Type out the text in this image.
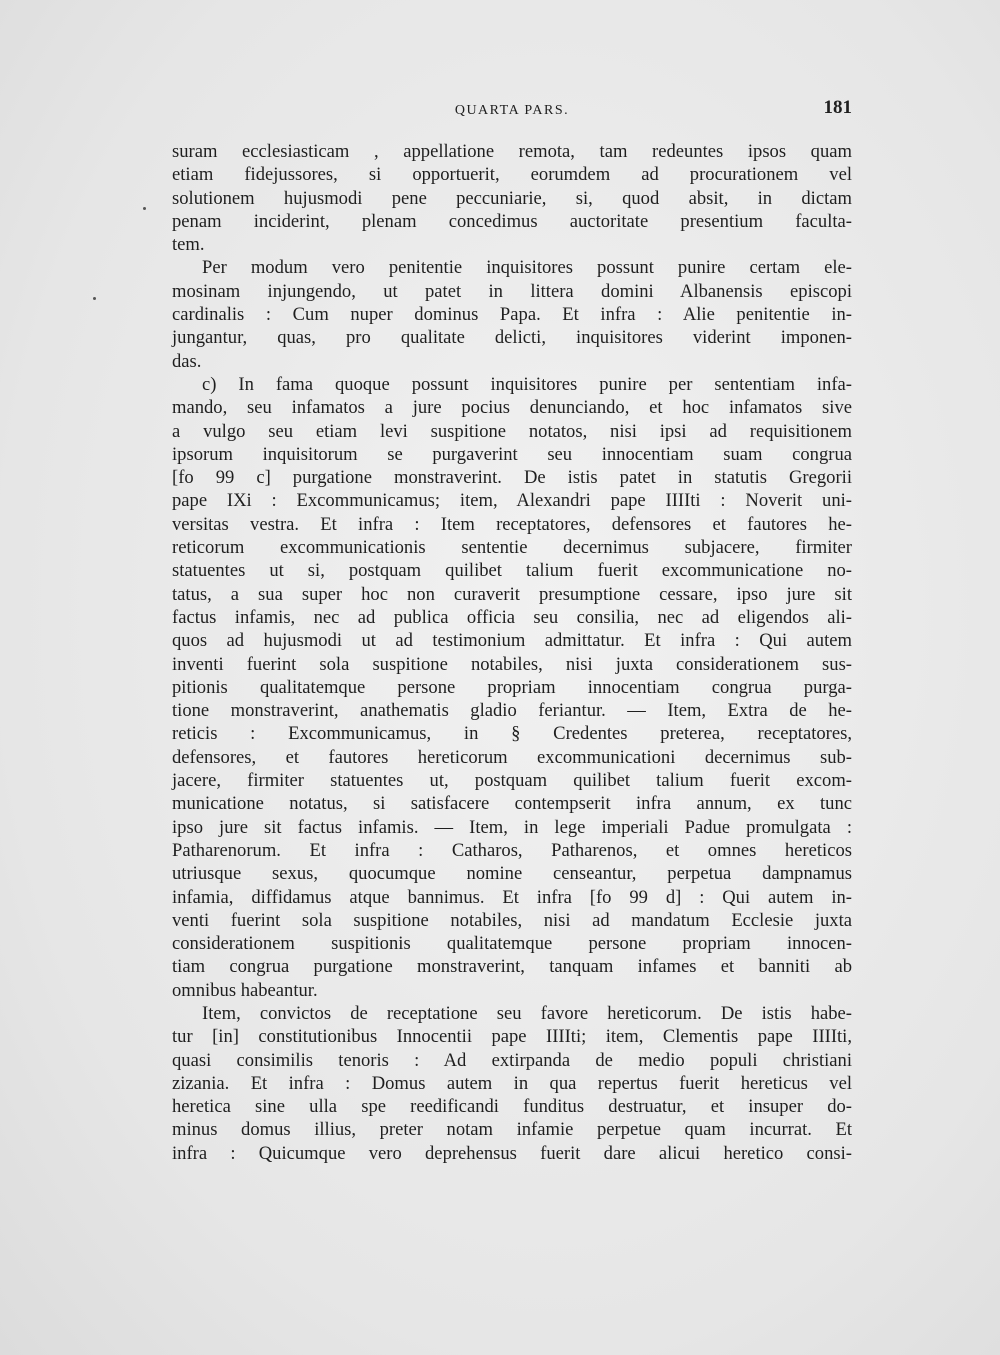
QUARTA PARS.	181
suram ecclesiasticam , appellatione remota, tam redeuntes ipsos quam
etiam fidejussores, si opportuerit, eorumdem ad procurationem vel
solutionem hujusmodi pene peccuniarie, si, quod absit, in dictam
penam inciderint, plenam concedimus auctoritate presentium faculta-
tem.
Per modum vero penitentie inquisitores possunt punire certam ele-
mosinam injungendo, ut patet in littera domini Albanensis episcopi
cardinalis : Cum nuper dominus Papa. Et infra : Alie penitentie in-
jungantur, quas, pro qualitate delicti, inquisitores viderint imponen-
das.
c) In fama quoque possunt inquisitores punire per sententiam infa-
mando, seu infamatos a jure pocius denunciando, et hoc infamatos sive
a vulgo seu etiam levi suspitione notatos, nisi ipsi ad requisitionem
ipsorum inquisitorum se purgaverint seu innocentiam suam congrua
[fo 99 c] purgatione monstraverint. De istis patet in statutis Gregorii
pape IXi : Excommunicamus; item, Alexandri pape IIIIti : Noverit uni-
versitas vestra. Et infra : Item receptatores, defensores et fautores he-
reticorum excommunicationis sententie decernimus subjacere, firmiter
statuentes ut si, postquam quilibet talium fuerit excommunicatione no-
tatus, a sua super hoc non curaverit presumptione cessare, ipso jure sit
factus infamis, nec ad publica officia seu consilia, nec ad eligendos ali-
quos ad hujusmodi ut ad testimonium admittatur. Et infra : Qui autem
inventi fuerint sola suspitione notabiles, nisi juxta considerationem sus-
pitionis qualitatemque persone propriam innocentiam congrua purga-
tione monstraverint, anathematis gladio feriantur. — Item, Extra de he-
reticis : Excommunicamus, in § Credentes preterea, receptatores,
defensores, et fautores hereticorum excommunicationi decernimus sub-
jacere, firmiter statuentes ut, postquam quilibet talium fuerit excom-
municatione notatus, si satisfacere contempserit infra annum, ex tunc
ipso jure sit factus infamis. — Item, in lege imperiali Padue promulgata :
Patharenorum. Et infra : Catharos, Patharenos, et omnes hereticos
utriusque sexus, quocumque nomine censeantur, perpetua dampnamus
infamia, diffidamus atque bannimus. Et infra [fo 99 d] : Qui autem in-
venti fuerint sola suspitione notabiles, nisi ad mandatum Ecclesie juxta
considerationem suspitionis qualitatemque persone propriam innocen-
tiam congrua purgatione monstraverint, tanquam infames et banniti ab
omnibus habeantur.
Item, convictos de receptatione seu favore hereticorum. De istis habe-
tur [in] constitutionibus Innocentii pape IIIIti; item, Clementis pape IIIIti,
quasi consimilis tenoris : Ad extirpanda de medio populi christiani
zizania. Et infra : Domus autem in qua repertus fuerit hereticus vel
heretica sine ulla spe reedificandi funditus destruatur, et insuper do-
minus domus illius, preter notam infamie perpetue quam incurrat. Et
infra : Quicumque vero deprehensus fuerit dare alicui heretico consi-
